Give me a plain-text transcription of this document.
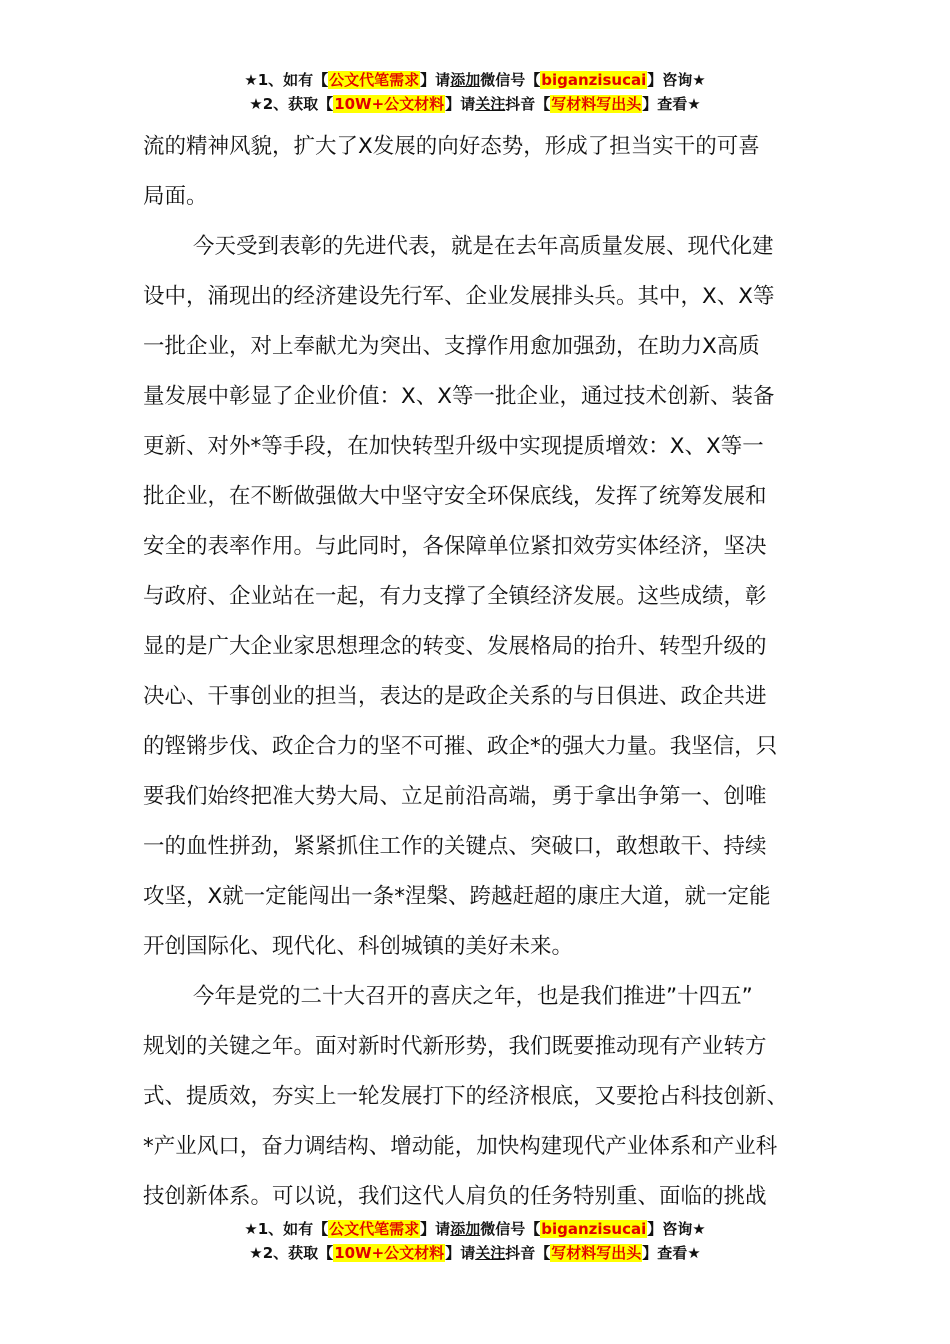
★1、如有【公文代笔需求】请添加微信号【biganzisucai】咨询★
★2、获取【10W+公文材料】请关注抖音【写材料写出头】查看★
流的精神风貌，扩大了X发展的向好态势，形成了担当实干的可喜
局面。
今天受到表彰的先进代表，就是在去年高质量发展、现代化建
设中，涌现出的经济建设先行军、企业发展排头兵。其中，X、X等
一批企业，对上奉献尤为突出、支撑作用愈加强劲，在助力X高质
量发展中彰显了企业价值：X、X等一批企业，通过技术创新、装备
更新、对外*等手段，在加快转型升级中实现提质增效：X、X等一
批企业，在不断做强做大中坚守安全环保底线，发挥了统筹发展和
安全的表率作用。与此同时，各保障单位紧扣效劳实体经济，坚决
与政府、企业站在一起，有力支撑了全镇经济发展。这些成绩，彰
显的是广大企业家思想理念的转变、发展格局的抬升、转型升级的
决心、干事创业的担当，表达的是政企关系的与日俱进、政企共进
的铿锵步伐、政企合力的坚不可摧、政企*的强大力量。我坚信，只
要我们始终把准大势大局、立足前沿高端，勇于拿出争第一、创唯
一的血性拼劲，紧紧抓住工作的关键点、突破口，敢想敢干、持续
攻坚，X就一定能闯出一条*涅槃、跨越赶超的康庄大道，就一定能
开创国际化、现代化、科创城镇的美好未来。
今年是党的二十大召开的喜庆之年，也是我们推进”十四五”
规划的关键之年。面对新时代新形势，我们既要推动现有产业转方
式、提质效，夯实上一轮发展打下的经济根底，又要抢占科技创新、
*产业风口，奋力调结构、增动能，加快构建现代产业体系和产业科
技创新体系。可以说，我们这代人肩负的任务特别重、面临的挑战
★1、如有【公文代笔需求】请添加微信号【biganzisucai】咨询★
★2、获取【10W+公文材料】请关注抖音【写材料写出头】查看★
